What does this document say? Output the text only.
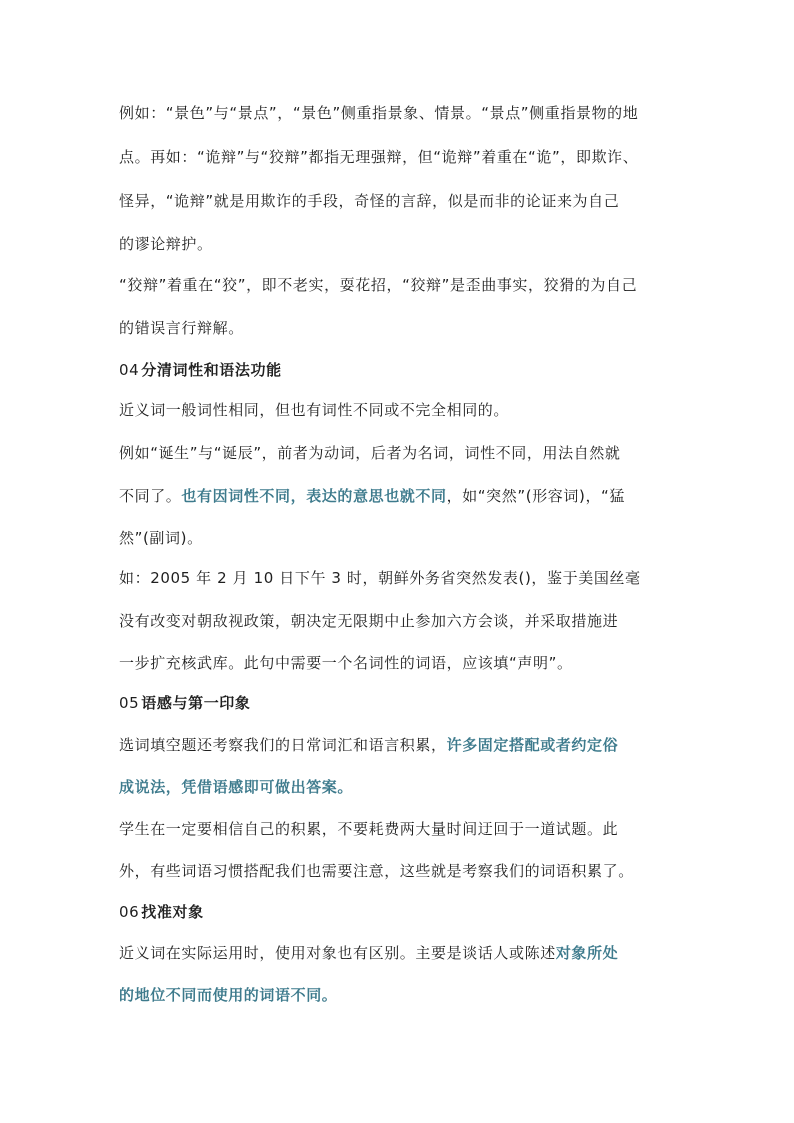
例如：“景色”与“景点”，“景色”侧重指景象、情景。“景点”侧重指景物的地
点。再如：“诡辩”与“狡辩”都指无理强辩，但“诡辩”着重在“诡”，即欺诈、
怪异，“诡辩”就是用欺诈的手段，奇怪的言辞，似是而非的论证来为自己
的谬论辩护。
“狡辩”着重在“狡”，即不老实，耍花招，“狡辩”是歪曲事实，狡猾的为自己
的错误言行辩解。
04 分清词性和语法功能
近义词一般词性相同，但也有词性不同或不完全相同的。
例如“诞生”与“诞辰”，前者为动词，后者为名词，词性不同，用法自然就
不同了。也有因词性不同，表达的意思也就不同，如“突然”(形容词)，“猛
然”(副词)。
如：2005 年 2 月 10 日下午 3 时，朝鲜外务省突然发表()，鉴于美国丝毫
没有改变对朝敌视政策，朝决定无限期中止参加六方会谈，并采取措施进
一步扩充核武库。此句中需要一个名词性的词语，应该填“声明”。
05 语感与第一印象
选词填空题还考察我们的日常词汇和语言积累，许多固定搭配或者约定俗
成说法，凭借语感即可做出答案。
学生在一定要相信自己的积累，不要耗费两大量时间迂回于一道试题。此
外，有些词语习惯搭配我们也需要注意，这些就是考察我们的词语积累了。
06 找准对象
近义词在实际运用时，使用对象也有区别。主要是谈话人或陈述对象所处
的地位不同而使用的词语不同。
